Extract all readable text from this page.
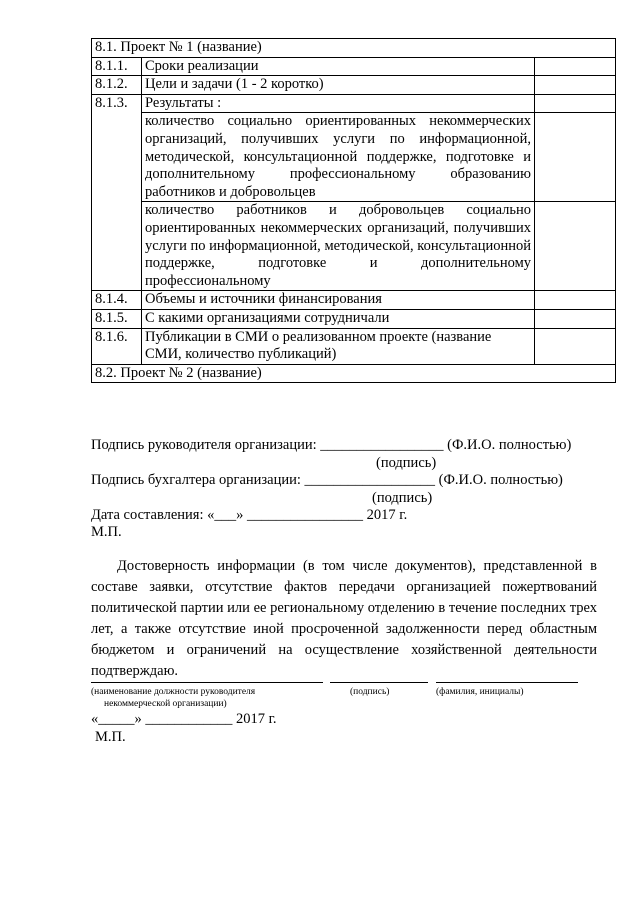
8.1. Проект № 1 (название)		
8.1.1.	Сроки реализации	
8.1.2.	Цели и задачи (1 - 2 коротко)	
8.1.3.	Результаты :	
	количество социально ориентированных некоммерческих организаций, получивших услуги по информационной, методической, консультационной поддержке, подготовке и дополнительному профессиональному образованию работников и добровольцев	
	количество работников и добровольцев социально ориентированных некоммерческих организаций, получивших услуги по информационной, методической, консультационной поддержке, подготовке и дополнительному профессиональному	
8.1.4.	Объемы и источники финансирования	
8.1.5.	С какими организациями сотрудничали	
8.1.6.	Публикации в СМИ о реализованном проекте (название СМИ, количество публикаций)	
8.2. Проект № 2 (название)		
Подпись руководителя организации: _________________ (Ф.И.О. полностью)
(подпись)
Подпись бухгалтера организации: __________________ (Ф.И.О. полностью)
(подпись)
Дата составления: «___» ________________ 2017 г.
М.П.
Достоверность информации (в том числе документов), представленной в составе заявки, отсутствие фактов передачи организацией пожертвований политической партии или ее региональному отделению в течение последних трех лет, а также отсутствие иной просроченной задолженности перед областным бюджетом и ограничений на осуществление хозяйственной деятельности подтверждаю.
(наименование должности руководителя
некоммерческой организации)
(подпись)	(фамилия, инициалы)
«_____» ____________ 2017 г.
М.П.
